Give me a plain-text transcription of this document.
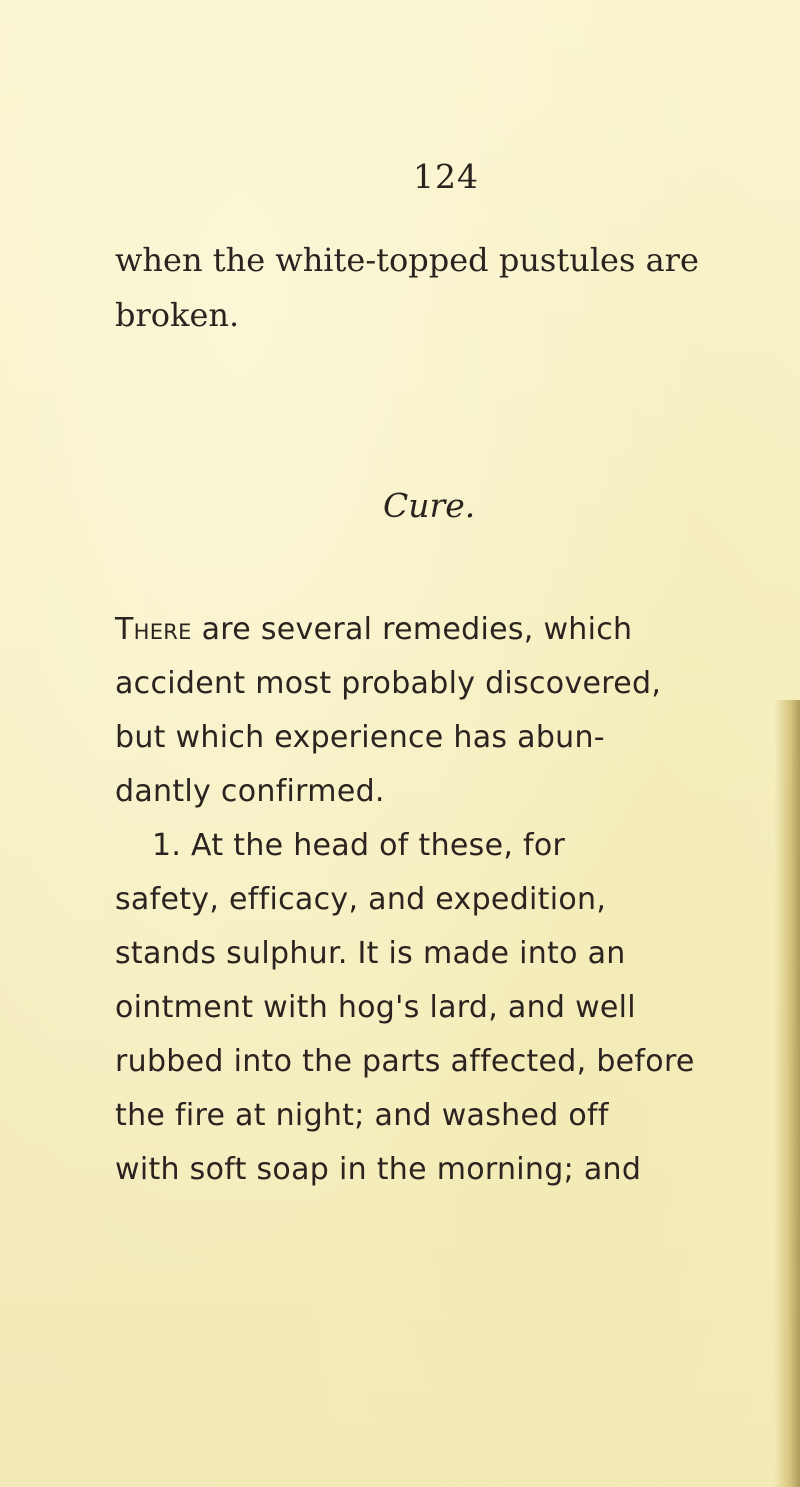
124

when the white-topped pustules are
broken.
Cure.
There are several remedies, which
accident most probably discovered,
but which experience has abun-
dantly confirmed.
1. At the head of these, for
safety, efficacy, and expedition,
stands sulphur. It is made into an
ointment with hog's lard, and well
rubbed into the parts affected, before
the fire at night; and washed off
with soft soap in the morning; and
